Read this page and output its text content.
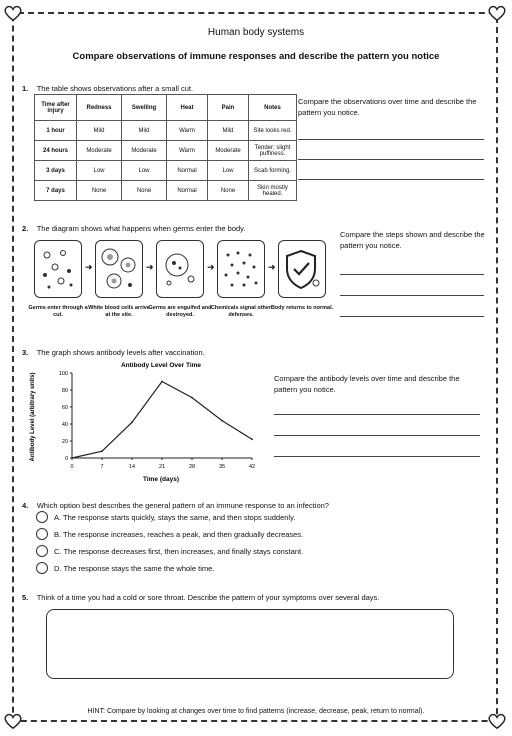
Human body systems
Compare observations of immune responses and describe the pattern you notice
1. The table shows observations after a small cut.
Time after injury	Redness	Swelling	Heat	Pain	Notes
1 hour	Mild	Mild	Warm	Mild	Site looks red.
24 hours	Moderate	Moderate	Warm	Moderate	Tender; slight puffiness.
3 days	Low	Low	Normal	Low	Scab forming.
7 days	None	None	Normal	None	Skin mostly healed.
Compare the observations over time and describe the pattern you notice.
2. The diagram shows what happens when germs enter the body.
➜	➜	➜	➜
Germs enter through a cut.
White blood cells arrive at the site.
Germs are engulfed and destroyed.
Chemicals signal other defenses.
Body returns to normal.
Compare the steps shown and describe the pattern you notice.
3. The graph shows antibody levels after vaccination.
Antibody Level Over Time
Time (days)
Antibody Level (arbitrary units)	0
20
40
60
80
100
0	7	14	21	28	35	42
Compare the antibody levels over time and describe the pattern you notice.
4. Which option best describes the general pattern of an immune response to an infection?
A. The response starts quickly, stays the same, and then stops suddenly.
B. The response increases, reaches a peak, and then gradually decreases.
C. The response decreases first, then increases, and finally stays constant.
D. The response stays the same the whole time.
5. Think of a time you had a cold or sore throat. Describe the pattern of your symptoms over several days.
HINT: Compare by looking at changes over time to find patterns (increase, decrease, peak, return to normal).
